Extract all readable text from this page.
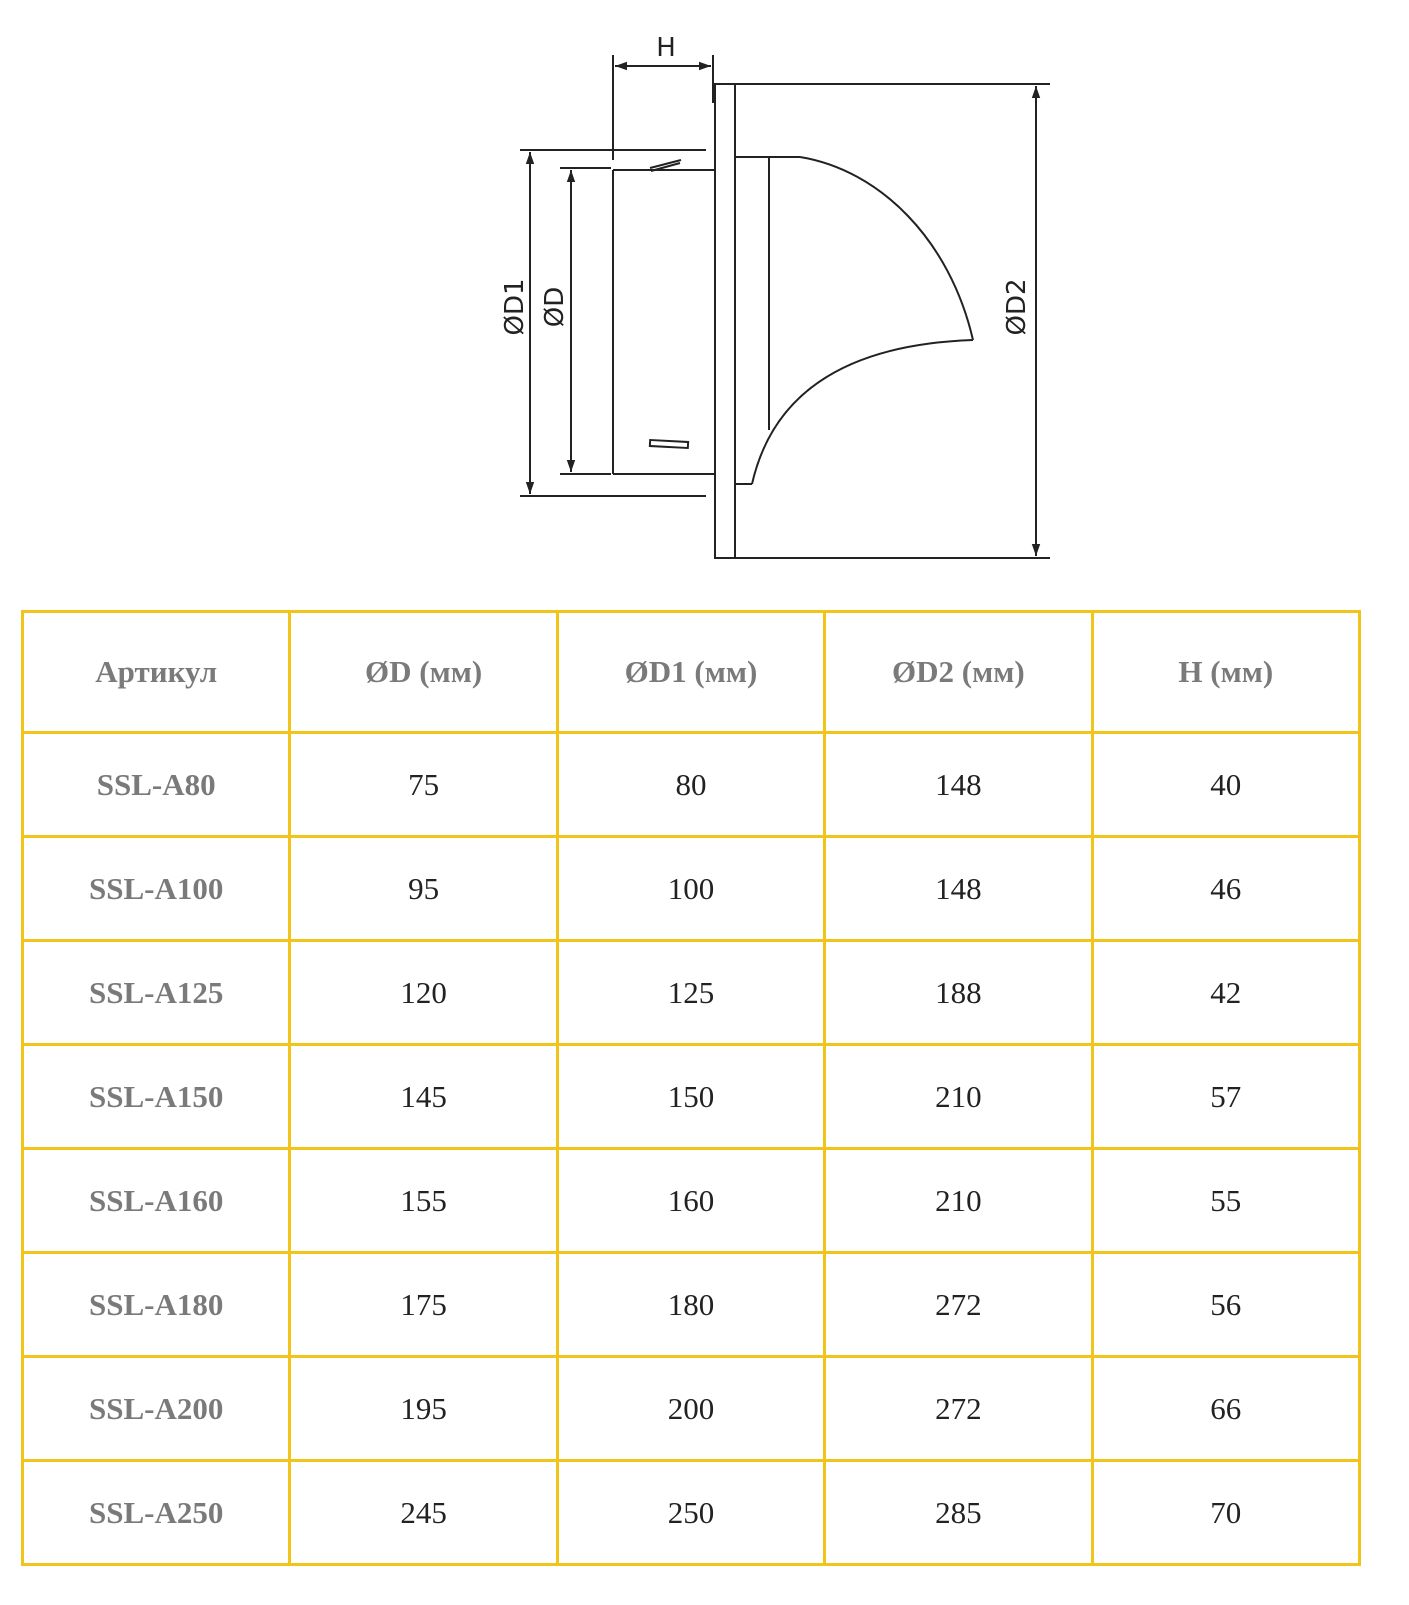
H
ØD1 ØD	ØD2
Артикул	ØD (мм)	ØD1 (мм)	ØD2 (мм)	H (мм)
SSL-A80	75	80	148	40
SSL-A100	95	100	148	46
SSL-A125	120	125	188	42
SSL-A150	145	150	210	57
SSL-A160	155	160	210	55
SSL-A180	175	180	272	56
SSL-A200	195	200	272	66
SSL-A250	245	250	285	70
